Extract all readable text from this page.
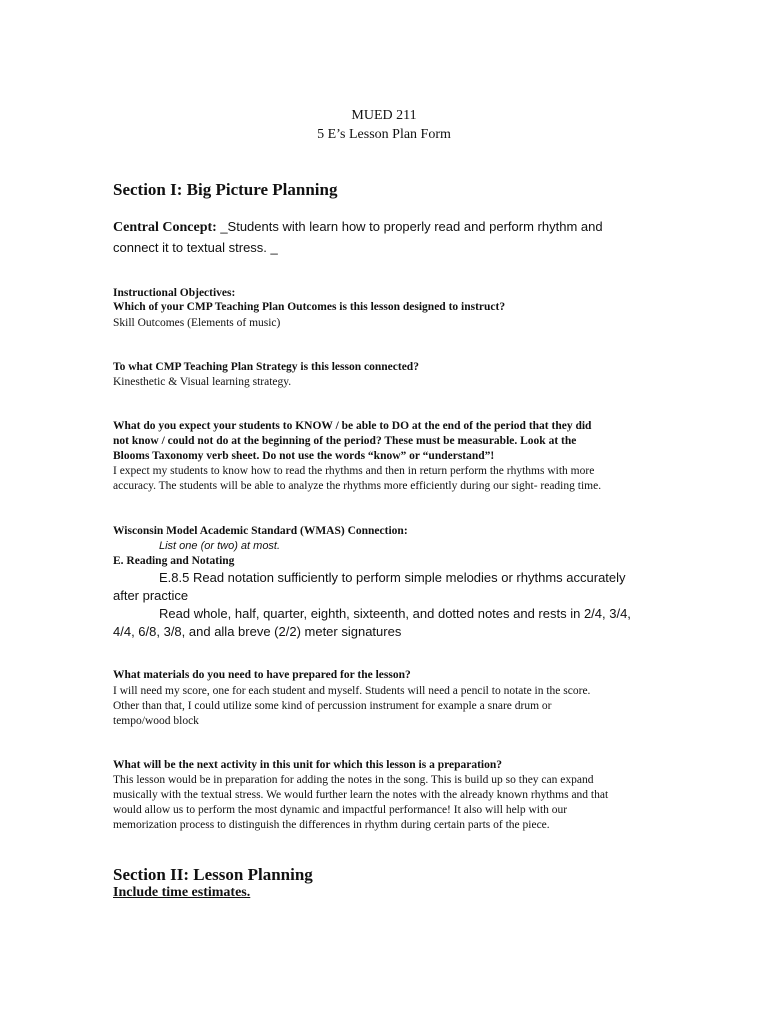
MUED 211
5 E’s Lesson Plan Form
Section I: Big Picture Planning
Central Concept: _Students with learn how to properly read and perform rhythm and
connect it to textual stress. _
Instructional Objectives:
Which of your CMP Teaching Plan Outcomes is this lesson designed to instruct?
Skill Outcomes (Elements of music)
To what CMP Teaching Plan Strategy is this lesson connected?
Kinesthetic & Visual learning strategy.
What do you expect your students to KNOW / be able to DO at the end of the period that they did
not know / could not do at the beginning of the period? These must be measurable. Look at the
Blooms Taxonomy verb sheet. Do not use the words “know” or “understand”!
I expect my students to know how to read the rhythms and then in return perform the rhythms with more
accuracy. The students will be able to analyze the rhythms more efficiently during our sight- reading time.
Wisconsin Model Academic Standard (WMAS) Connection:
List one (or two) at most.
E. Reading and Notating
E.8.5 Read notation sufficiently to perform simple melodies or rhythms accurately
after practice
Read whole, half, quarter, eighth, sixteenth, and dotted notes and rests in 2/4, 3/4,
4/4, 6/8, 3/8, and alla breve (2/2) meter signatures
What materials do you need to have prepared for the lesson?
I will need my score, one for each student and myself. Students will need a pencil to notate in the score.
Other than that, I could utilize some kind of percussion instrument for example a snare drum or
tempo/wood block
What will be the next activity in this unit for which this lesson is a preparation?
This lesson would be in preparation for adding the notes in the song. This is build up so they can expand
musically with the textual stress. We would further learn the notes with the already known rhythms and that
would allow us to perform the most dynamic and impactful performance! It also will help with our
memorization process to distinguish the differences in rhythm during certain parts of the piece.
Section II: Lesson Planning
Include time estimates.
